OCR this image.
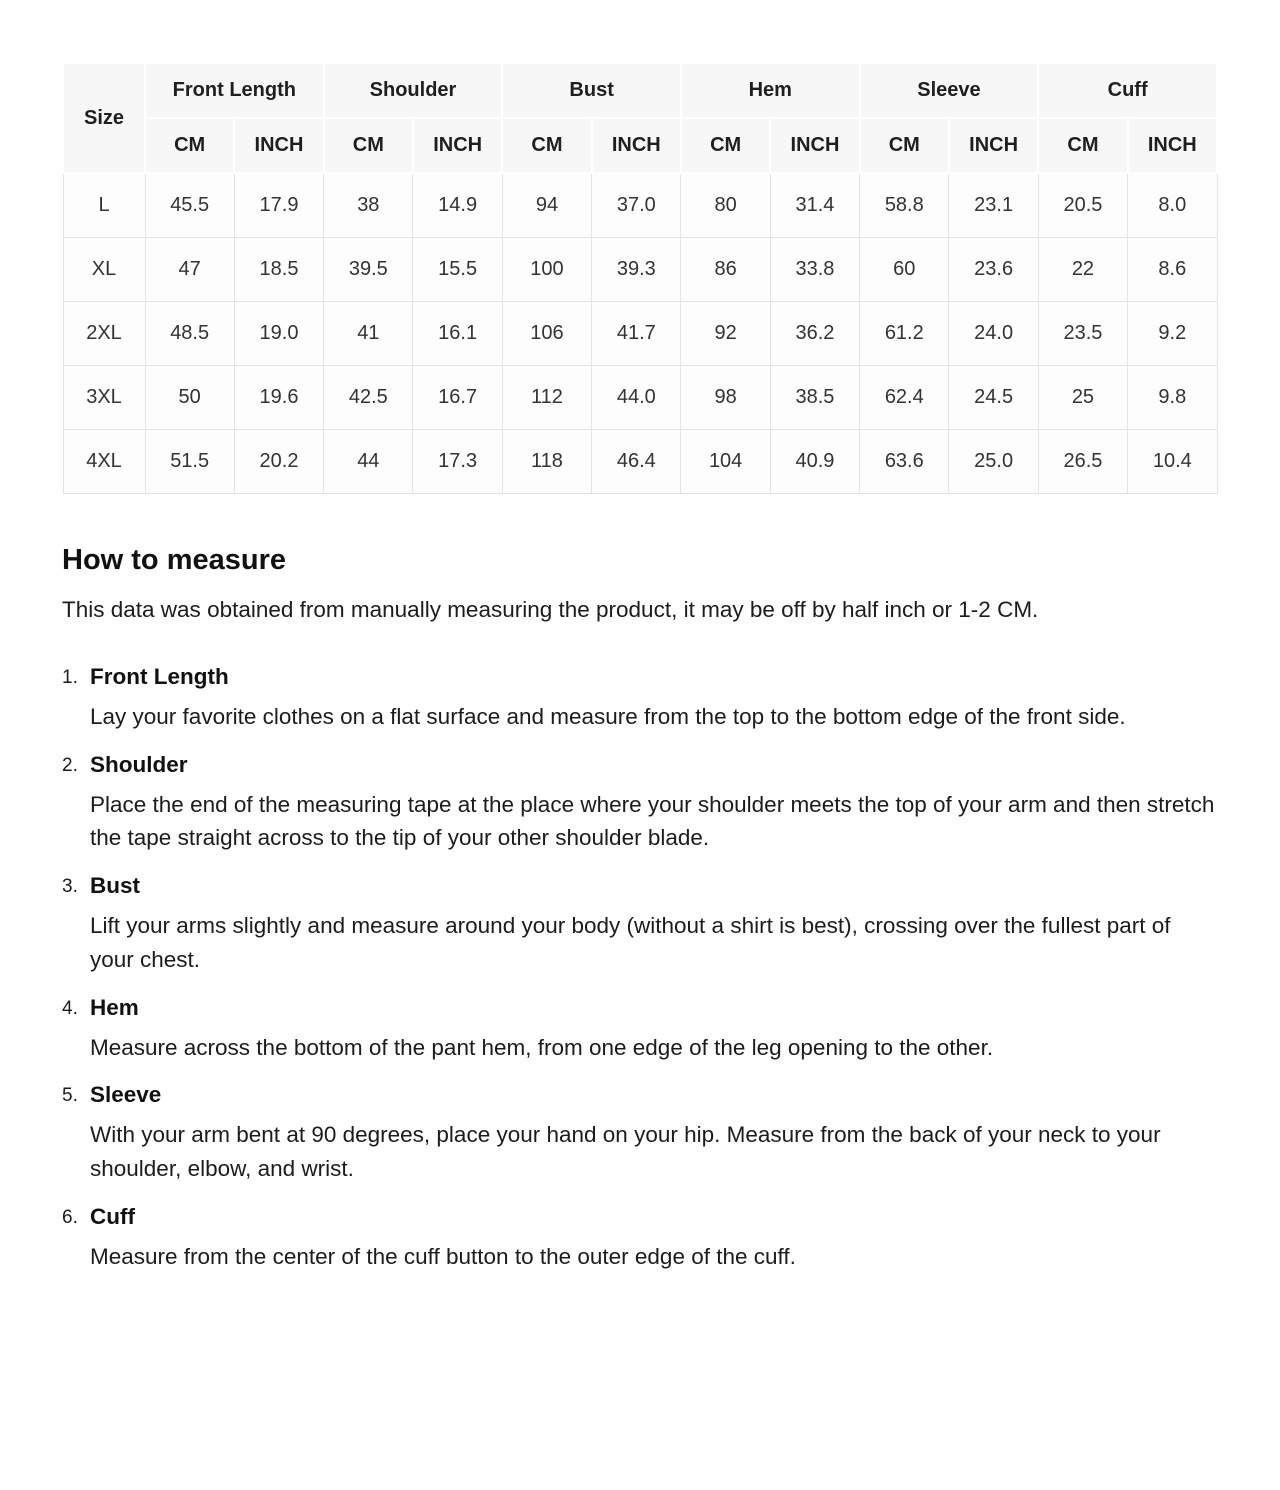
Size	Front Length		Shoulder		Bust		Hem		Sleeve		Cuff	
	CM	INCH	CM	INCH	CM	INCH	CM	INCH	CM	INCH	CM	INCH
L	45.5	17.9	38	14.9	94	37.0	80	31.4	58.8	23.1	20.5	8.0
XL	47	18.5	39.5	15.5	100	39.3	86	33.8	60	23.6	22	8.6
2XL	48.5	19.0	41	16.1	106	41.7	92	36.2	61.2	24.0	23.5	9.2
3XL	50	19.6	42.5	16.7	112	44.0	98	38.5	62.4	24.5	25	9.8
4XL	51.5	20.2	44	17.3	118	46.4	104	40.9	63.6	25.0	26.5	10.4
How to measure

This data was obtained from manually measuring the product, it may be off by half inch or 1-2 CM.

Front Length

Lay your favorite clothes on a flat surface and measure from the top to the bottom edge of the front side.

Shoulder

Place the end of the measuring tape at the place where your shoulder meets the top of your arm and then stretch the tape straight across to the tip of your other shoulder blade.

Bust

Lift your arms slightly and measure around your body (without a shirt is best), crossing over the fullest part of your chest.

Hem

Measure across the bottom of the pant hem, from one edge of the leg opening to the other.

Sleeve

With your arm bent at 90 degrees, place your hand on your hip. Measure from the back of your neck to your shoulder, elbow, and wrist.

Cuff

Measure from the center of the cuff button to the outer edge of the cuff.
